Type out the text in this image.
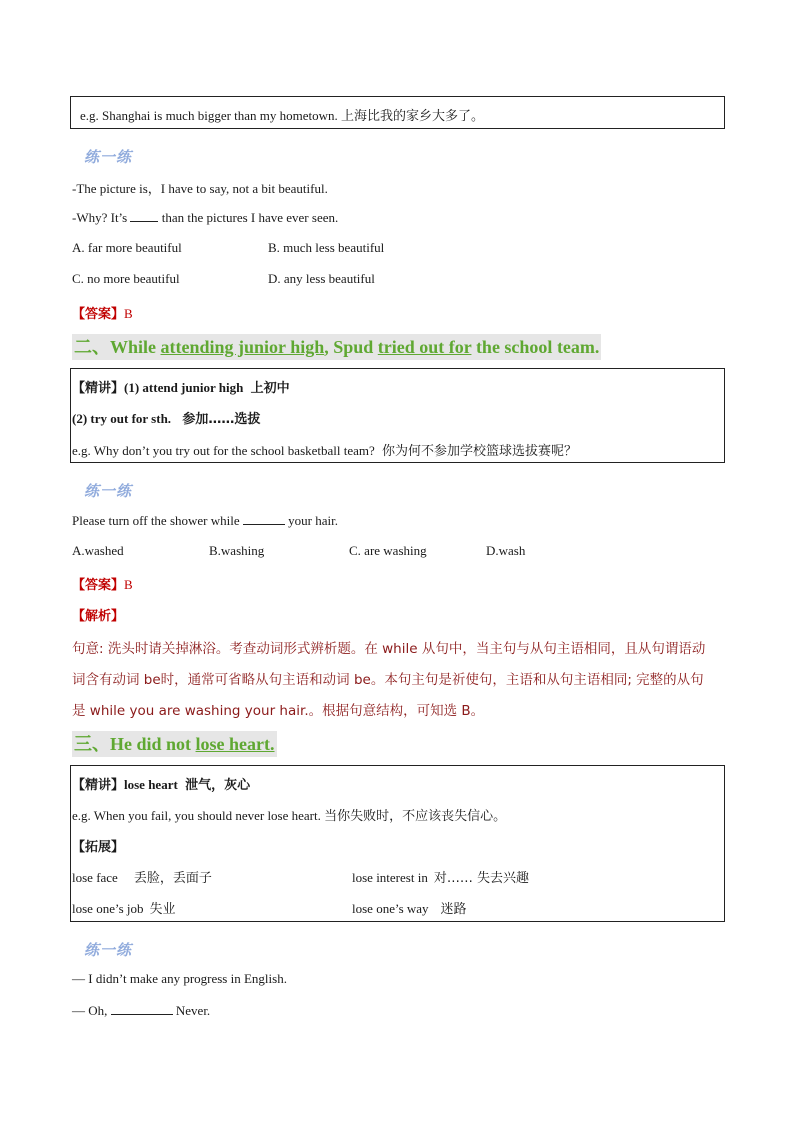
e.g. Shanghai is much bigger than my hometown. 上海比我的家乡大多了。
练一练
-The picture is，I have to say, not a bit beautiful.
-Why? It’s	than the pictures I have ever seen.
A. far more beautiful	B. much less beautiful
C. no more beautiful	D. any less beautiful
【答案】B
二、While attending junior high, Spud tried out for the school team.
【精讲】(1) attend junior high 上初中
(2) try out for sth. 参加……选拔
e.g. Why don’t you try out for the school basketball team? 你为何不参加学校篮球选拔赛呢？
练一练
Please turn off the shower while	your hair.
A.washed	B.washing	C. are washing	D.wash
【答案】B
【解析】
句意: 洗头时请关掉淋浴。考查动词形式辨析题。在 while 从句中，当主句与从句主语相同，且从句谓语动
词含有动词 be时，通常可省略从句主语和动词 be。本句主句是祈使句，主语和从句主语相同; 完整的从句
是 while you are washing your hair.。根据句意结构，可知选 B。
三、He did not lose heart.
【精讲】lose heart 泄气，灰心
e.g. When you fail, you should never lose heart. 当你失败时，不应该丧失信心。
【拓展】
lose face 丢脸，丢面子	lose interest in 对…… 失去兴趣
lose one’s job 失业	lose one’s way 迷路
练一练
— I didn’t make any progress in English.
— Oh,	Never.
